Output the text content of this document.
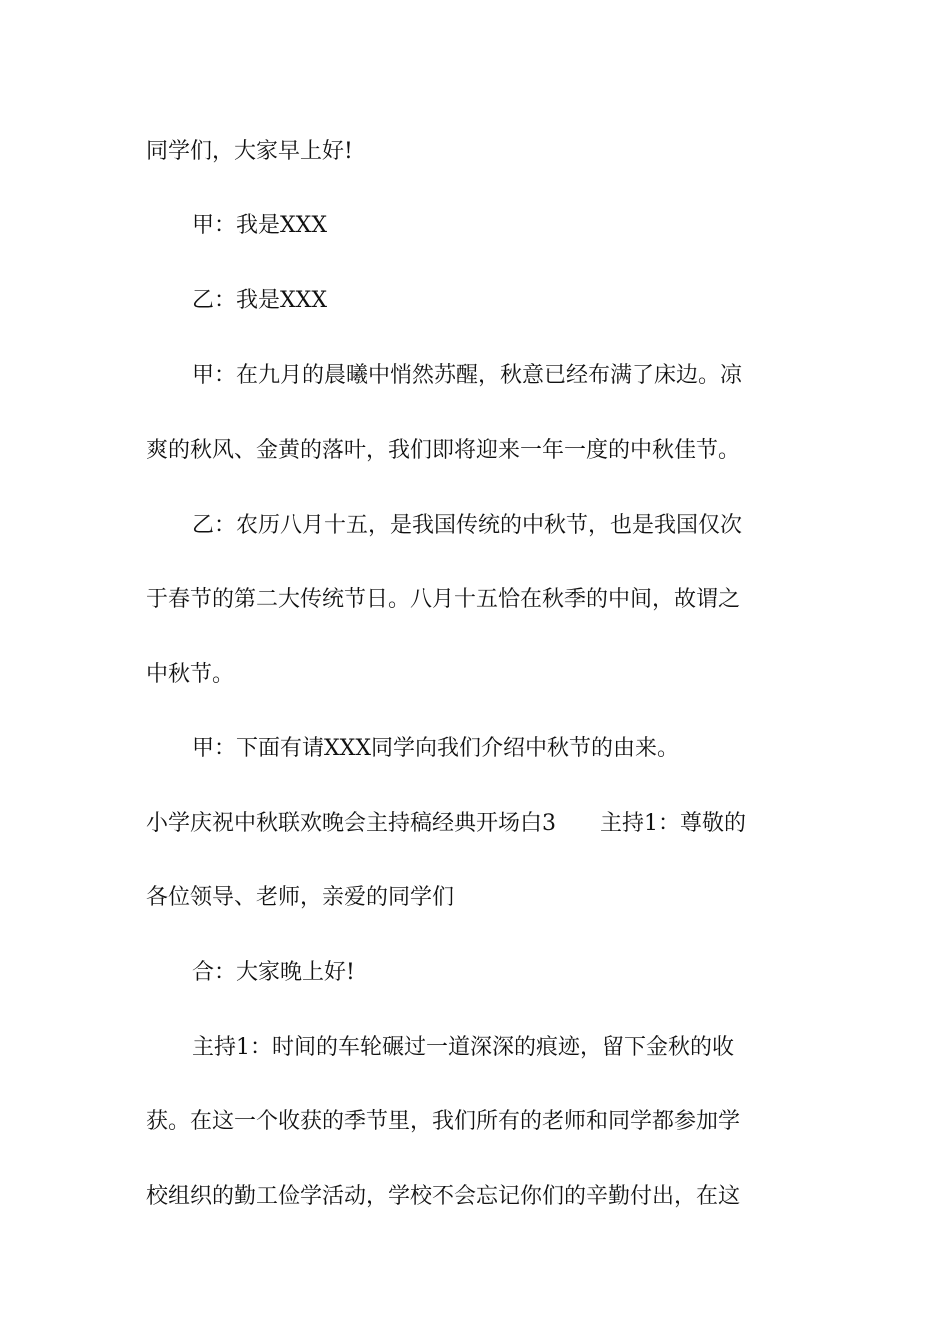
同学们，大家早上好!
甲：我是XXX
乙：我是XXX
甲：在九月的晨曦中悄然苏醒，秋意已经布满了床边。凉
爽的秋风、金黄的落叶，我们即将迎来一年一度的中秋佳节。
乙：农历八月十五，是我国传统的中秋节，也是我国仅次
于春节的第二大传统节日。八月十五恰在秋季的中间，故谓之
中秋节。
甲：下面有请XXX同学向我们介绍中秋节的由来。
小学庆祝中秋联欢晚会主持稿经典开场白3　　主持1：尊敬的
各位领导、老师，亲爱的同学们
合：大家晚上好!
主持1：时间的车轮碾过一道深深的痕迹，留下金秋的收
获。在这一个收获的季节里，我们所有的老师和同学都参加学
校组织的勤工俭学活动，学校不会忘记你们的辛勤付出，在这
